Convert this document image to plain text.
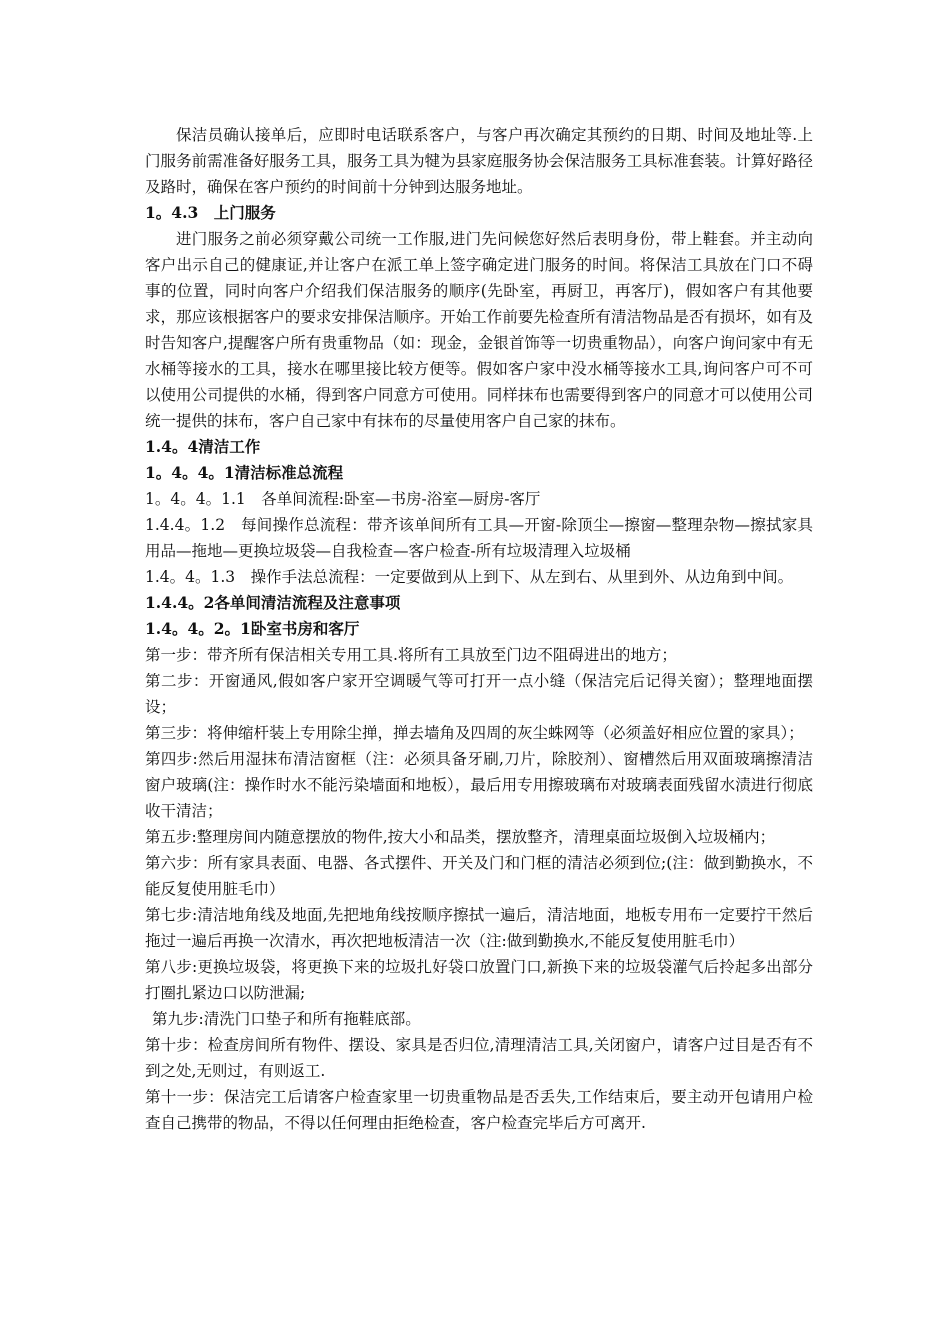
保洁员确认接单后，应即时电话联系客户，与客户再次确定其预约的日期、时间及地址等.上门服务前需准备好服务工具，服务工具为犍为县家庭服务协会保洁服务工具标准套装。计算好路径及路时，确保在客户预约的时间前十分钟到达服务地址。

1。4.3　上门服务

进门服务之前必须穿戴公司统一工作服,进门先问候您好然后表明身份，带上鞋套。并主动向客户出示自己的健康证,并让客户在派工单上签字确定进门服务的时间。将保洁工具放在门口不碍事的位置，同时向客户介绍我们保洁服务的顺序(先卧室，再厨卫，再客厅)，假如客户有其他要求，那应该根据客户的要求安排保洁顺序。开始工作前要先检查所有清洁物品是否有损坏，如有及时告知客户,提醒客户所有贵重物品（如：现金，金银首饰等一切贵重物品），向客户询问家中有无水桶等接水的工具，接水在哪里接比较方便等。假如客户家中没水桶等接水工具,询问客户可不可以使用公司提供的水桶，得到客户同意方可使用。同样抹布也需要得到客户的同意才可以使用公司统一提供的抹布，客户自己家中有抹布的尽量使用客户自己家的抹布。

1.4。4清洁工作

1。4。4。1清洁标准总流程

1。4。4。1.1　各单间流程:卧室—书房-浴室—厨房-客厅

1.4.4。1.2　每间操作总流程：带齐该单间所有工具—开窗-除顶尘—擦窗—整理杂物—擦拭家具用品—拖地—更换垃圾袋—自我检查—客户检查-所有垃圾清理入垃圾桶

1.4。4。1.3　操作手法总流程：一定要做到从上到下、从左到右、从里到外、从边角到中间。

1.4.4。2各单间清洁流程及注意事项

1.4。4。2。1卧室书房和客厅

第一步：带齐所有保洁相关专用工具.将所有工具放至门边不阻碍进出的地方；

第二步：开窗通风,假如客户家开空调暖气等可打开一点小缝（保洁完后记得关窗）；整理地面摆设；

第三步：将伸缩杆装上专用除尘掸，掸去墙角及四周的灰尘蛛网等（必须盖好相应位置的家具）；

第四步:然后用湿抹布清洁窗框（注：必须具备牙刷,刀片，除胶剂）、窗槽然后用双面玻璃擦清洁窗户玻璃(注：操作时水不能污染墙面和地板），最后用专用擦玻璃布对玻璃表面残留水渍进行彻底收干清洁；

第五步:整理房间内随意摆放的物件,按大小和品类，摆放整齐，清理桌面垃圾倒入垃圾桶内；

第六步：所有家具表面、电器、各式摆件、开关及门和门框的清洁必须到位;(注：做到勤换水，不能反复使用脏毛巾）

第七步:清洁地角线及地面,先把地角线按顺序擦拭一遍后，清洁地面，地板专用布一定要拧干然后拖过一遍后再换一次清水，再次把地板清洁一次（注:做到勤换水,不能反复使用脏毛巾）

第八步:更换垃圾袋，将更换下来的垃圾扎好袋口放置门口,新换下来的垃圾袋灌气后拎起多出部分打圈扎紧边口以防泄漏;

第九步:清洗门口垫子和所有拖鞋底部。

第十步：检查房间所有物件、摆设、家具是否归位,清理清洁工具,关闭窗户，请客户过目是否有不到之处,无则过，有则返工.

第十一步：保洁完工后请客户检查家里一切贵重物品是否丢失,工作结束后，要主动开包请用户检查自己携带的物品，不得以任何理由拒绝检查，客户检查完毕后方可离开.
